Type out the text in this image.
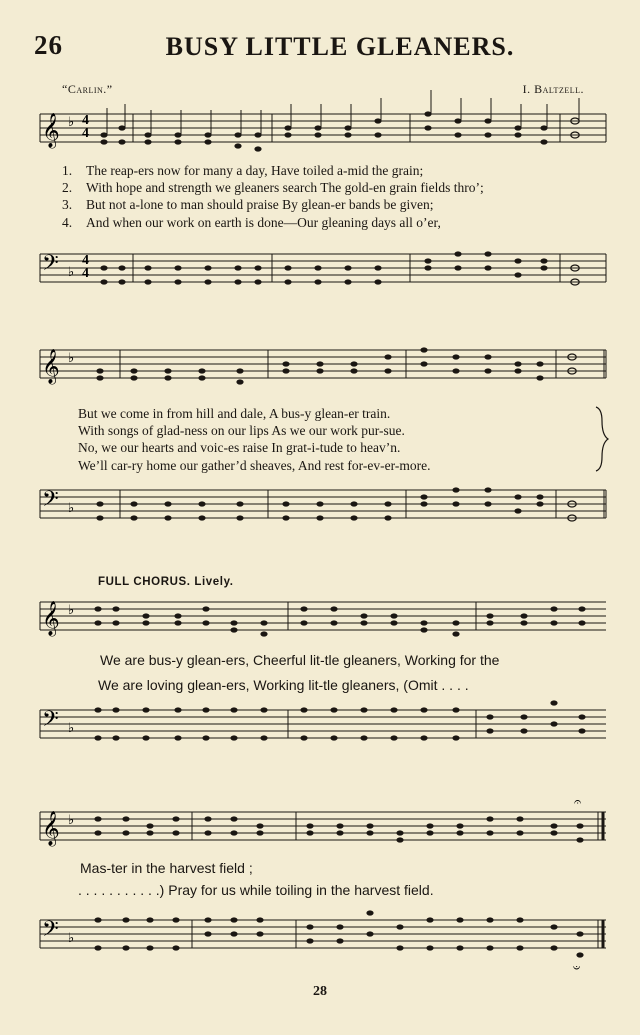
26	BUSY LITTLE GLEANERS.
“Carlin.”	I. Baltzell.
𝄞 ♭ 4
4
1. The reap-ers now for many a day, Have toiled a-mid the grain;
2. With hope and strength we gleaners search The gold-en grain fields thro’;
3. But not a-lone to man should praise By glean-er bands be given;
4. And when our work on earth is done—Our gleaning days all o’er,
𝄢 ♭
4
4
𝄞 ♭
But we come in from hill and dale, A bus-y glean-er train.
With songs of glad-ness on our lips As we our work pur-sue.
No, we our hearts and voic-es raise In grat-i-tude to heav’n.
We’ll car-ry home our gather’d sheaves, And rest for-ev-er-more.
𝄢 ♭
FULL CHORUS. Lively.
𝄞 ♭
We are bus-y glean-ers, Cheerful lit-tle gleaners, Working for the
We are loving glean-ers, Working lit-tle gleaners, (Omit . . . .
𝄢 ♭
𝄞 ♭
𝄐
Mas-ter in the harvest field ;
. . . . . . . . . . .) Pray for us while toiling in the harvest field.
𝄢 ♭
𝄑
28
